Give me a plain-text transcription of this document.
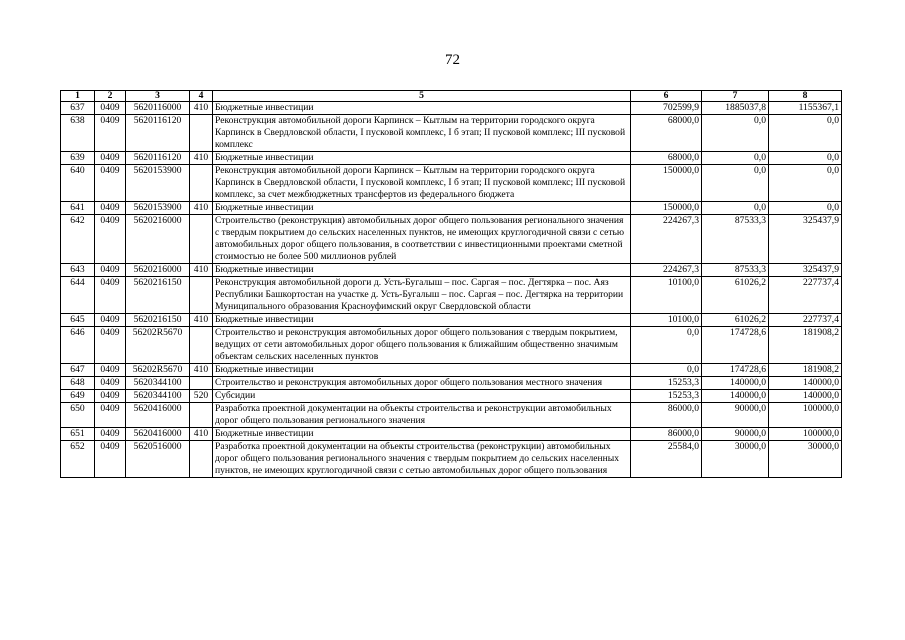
72
1	2	3	4	5	6	7	8
637	0409	5620116000	410	Бюджетные инвестиции	702599,9	1885037,8	1155367,1
638	0409	5620116120		Реконструкция автомобильной дороги Карпинск – Кытлым на территории городского округа Карпинск в Свердловской области, I пусковой комплекс, I б этап; II пусковой комплекс; III пусковой комплекс	68000,0	0,0	0,0
639	0409	5620116120	410	Бюджетные инвестиции	68000,0	0,0	0,0
640	0409	5620153900		Реконструкция автомобильной дороги Карпинск – Кытлым на территории городского округа Карпинск в Свердловской области, I пусковой комплекс, I б этап; II пусковой комплекс; III пусковой комплекс, за счет межбюджетных трансфертов из федерального бюджета	150000,0	0,0	0,0
641	0409	5620153900	410	Бюджетные инвестиции	150000,0	0,0	0,0
642	0409	5620216000		Строительство (реконструкция) автомобильных дорог общего пользования регионального значения с твердым покрытием до сельских населенных пунктов, не имеющих круглогодичной связи с сетью автомобильных дорог общего пользования, в соответствии с инвестиционными проектами сметной стоимостью не более 500 миллионов рублей	224267,3	87533,3	325437,9
643	0409	5620216000	410	Бюджетные инвестиции	224267,3	87533,3	325437,9
644	0409	5620216150		Реконструкция автомобильной дороги д. Усть-Бугалыш – пос. Саргая – пос. Дегтярка – пос. Аяз Республики Башкортостан на участке д. Усть-Бугалыш – пос. Саргая – пос. Дегтярка на территории Муниципального образования Красноуфимский округ Свердловской области	10100,0	61026,2	227737,4
645	0409	5620216150	410	Бюджетные инвестиции	10100,0	61026,2	227737,4
646	0409	56202R5670		Строительство и реконструкция автомобильных дорог общего пользования с твердым покрытием, ведущих от сети автомобильных дорог общего пользования к ближайшим общественно значимым объектам сельских населенных пунктов	0,0	174728,6	181908,2
647	0409	56202R5670	410	Бюджетные инвестиции	0,0	174728,6	181908,2
648	0409	5620344100		Строительство и реконструкция автомобильных дорог общего пользования местного значения	15253,3	140000,0	140000,0
649	0409	5620344100	520	Субсидии	15253,3	140000,0	140000,0
650	0409	5620416000		Разработка проектной документации на объекты строительства и реконструкции автомобильных дорог общего пользования регионального значения	86000,0	90000,0	100000,0
651	0409	5620416000	410	Бюджетные инвестиции	86000,0	90000,0	100000,0
652	0409	5620516000		Разработка проектной документации на объекты строительства (реконструкции) автомобильных дорог общего пользования регионального значения с твердым покрытием до сельских населенных пунктов, не имеющих круглогодичной связи с сетью автомобильных дорог общего пользования	25584,0	30000,0	30000,0
